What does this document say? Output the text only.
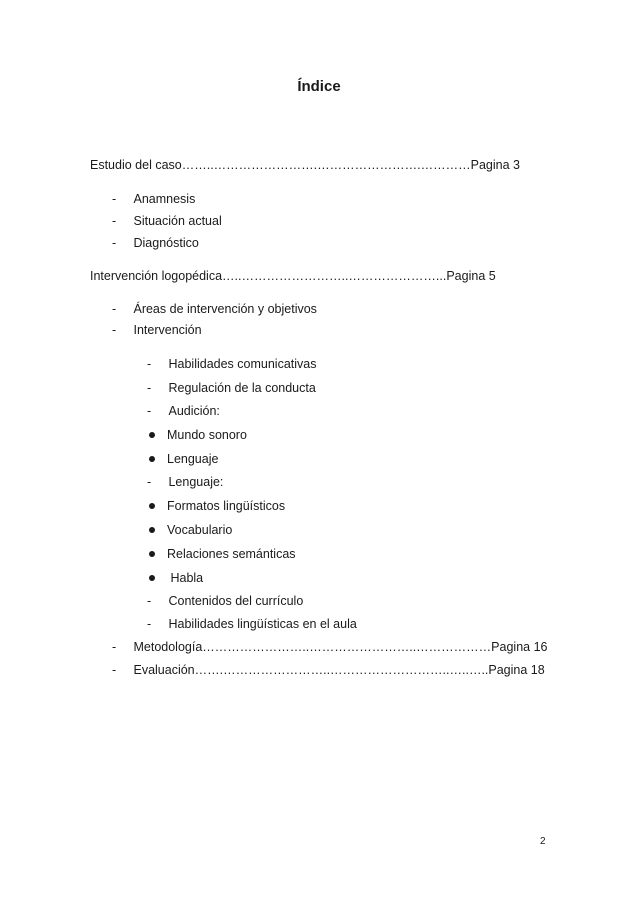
Índice
Estudio del caso……..…………………….…………………….…………Pagina 3
- Anamnesis
- Situación actual
- Diagnóstico
Intervención logopédica…..……………………..…………………...Pagina 5
- Áreas de intervención y objetivos
- Intervención
- Habilidades comunicativas
- Regulación de la conducta
- Audición:
Mundo sonoro
Lenguaje
- Lenguaje:
Formatos lingüísticos
Vocabulario
Relaciones semánticas
Habla
- Contenidos del currículo
- Habilidades lingüísticas en el aula
- Metodología……………………..……………………..………………Pagina 16
- Evaluación…….……………………..………………………..…..…..Pagina 18
2
